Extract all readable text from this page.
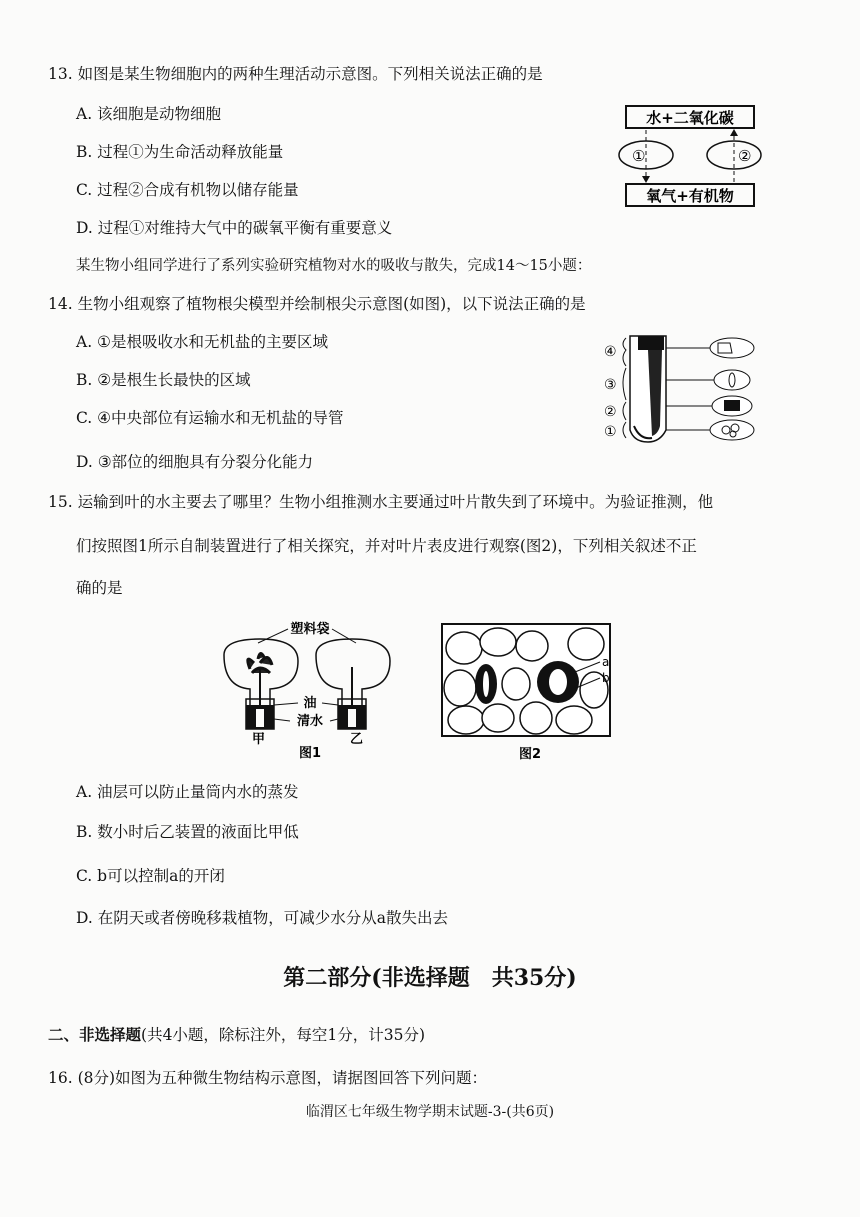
13. 如图是某生物细胞内的两种生理活动示意图。下列相关说法正确的是
A. 该细胞是动物细胞
B. 过程①为生命活动释放能量
C. 过程②合成有机物以储存能量
D. 过程①对维持大气中的碳氧平衡有重要意义
水+二氧化碳
①	②
氧气+有机物
某生物小组同学进行了系列实验研究植物对水的吸收与散失，完成14～15小题：
14. 生物小组观察了植物根尖模型并绘制根尖示意图(如图)，以下说法正确的是
A. ①是根吸收水和无机盐的主要区域
B. ②是根生长最快的区域
C. ④中央部位有运输水和无机盐的导管
D. ③部位的细胞具有分裂分化能力
④
③
②
①
15. 运输到叶的水主要去了哪里？生物小组推测水主要通过叶片散失到了环境中。为验证推测，他
们按照图1所示自制装置进行了相关探究，并对叶片表皮进行观察(图2)，下列相关叙述不正
确的是
塑料袋
油
清水
甲	乙
图1
a
b
图2
A. 油层可以防止量筒内水的蒸发
B. 数小时后乙装置的液面比甲低
C. b可以控制a的开闭
D. 在阴天或者傍晚移栽植物，可减少水分从a散失出去
第二部分(非选择题　共35分)
二、非选择题(共4小题，除标注外，每空1分，计35分)
16. (8分)如图为五种微生物结构示意图，请据图回答下列问题：
临渭区七年级生物学期末试题-3-(共6页)
